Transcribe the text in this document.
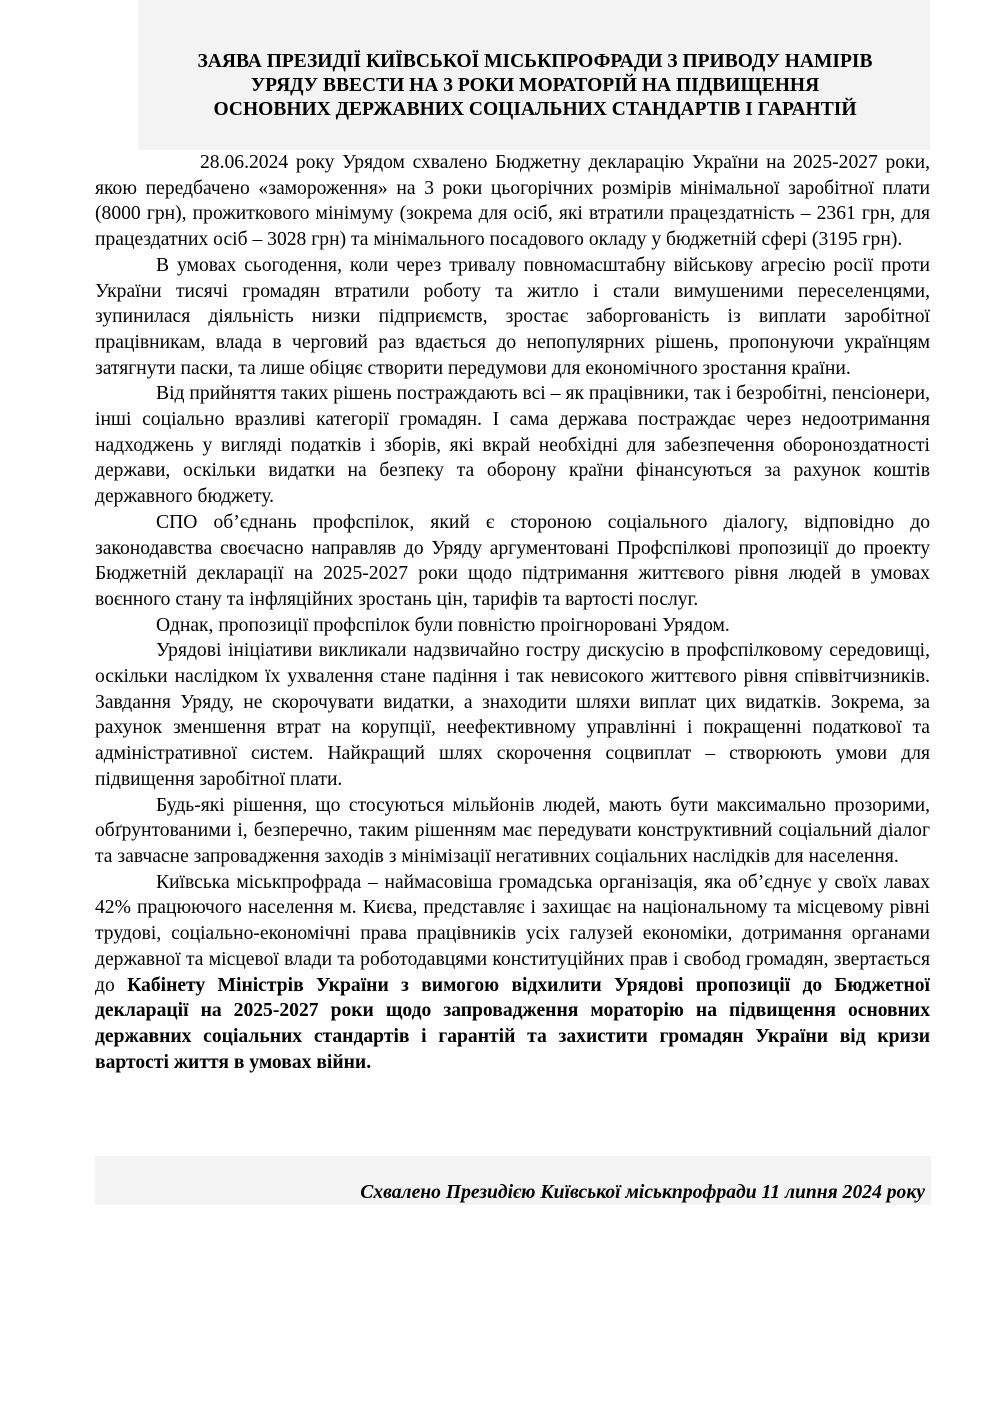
ЗАЯВА ПРЕЗИДІЇ КИЇВСЬКОЇ МІСЬКПРОФРАДИ З ПРИВОДУ НАМІРІВ
УРЯДУ ВВЕСТИ НА 3 РОКИ МОРАТОРІЙ НА ПІДВИЩЕННЯ
ОСНОВНИХ ДЕРЖАВНИХ СОЦІАЛЬНИХ СТАНДАРТІВ І ГАРАНТІЙ

28.06.2024 року Урядом схвалено Бюджетну декларацію України на 2025-2027 роки, якою передбачено «замороження» на 3 роки цьогорічних розмірів мінімальної заробітної плати (8000 грн), прожиткового мінімуму (зокрема для осіб, які втратили працездатність – 2361 грн, для працездатних осіб – 3028 грн) та мінімального посадового окладу у бюджетній сфері (3195 грн).

В умовах сьогодення, коли через тривалу повномасштабну військову агресію росії проти України тисячі громадян втратили роботу та житло і стали вимушеними переселенцями, зупинилася діяльність низки підприємств, зростає заборгованість із виплати заробітної працівникам, влада в черговий раз вдається до непопулярних рішень, пропонуючи українцям затягнути паски, та лише обіцяє створити передумови для економічного зростання країни.

Від прийняття таких рішень постраждають всі – як працівники, так і безробітні, пенсіонери, інші соціально вразливі категорії громадян. І сама держава постраждає через недоотримання надходжень у вигляді податків і зборів, які вкрай необхідні для забезпечення обороноздатності держави, оскільки видатки на безпеку та оборону країни фінансуються за рахунок коштів державного бюджету.

СПО об’єднань профспілок, який є стороною соціального діалогу, відповідно до законодавства своєчасно направляв до Уряду аргументовані Профспілкові пропозиції до проекту Бюджетній декларації на 2025-2027 роки щодо підтримання життєвого рівня людей в умовах воєнного стану та інфляційних зростань цін, тарифів та вартості послуг.

Однак, пропозиції профспілок були повністю проігноровані Урядом.

Урядові ініціативи викликали надзвичайно гостру дискусію в профспілковому середовищі, оскільки наслідком їх ухвалення стане падіння і так невисокого життєвого рівня співвітчизників. Завдання Уряду, не скорочувати видатки, а знаходити шляхи виплат цих видатків. Зокрема, за рахунок зменшення втрат на корупції, неефективному управлінні і покращенні податкової та адміністративної систем. Найкращий шлях скорочення соцвиплат – створюють умови для підвищення заробітної плати.

Будь-які рішення, що стосуються мільйонів людей, мають бути максимально прозорими, обґрунтованими і, безперечно, таким рішенням має передувати конструктивний соціальний діалог та завчасне запровадження заходів з мінімізації негативних соціальних наслідків для населення.

Київська міськпрофрада – наймасовіша громадська організація, яка об’єднує у своїх лавах 42% працюючого населення м. Києва, представляє і захищає на національному та місцевому рівні трудові, соціально-економічні права працівників усіх галузей економіки, дотримання органами державної та місцевої влади та роботодавцями конституційних прав і свобод громадян, звертається до Кабінету Міністрів України з вимогою відхилити Урядові пропозиції до Бюджетної декларації на 2025-2027 роки щодо запровадження мораторію на підвищення основних державних соціальних стандартів і гарантій та захистити громадян України від кризи вартості життя в умовах війни.

Схвалено Президією Київської міськпрофради 11 липня 2024 року
